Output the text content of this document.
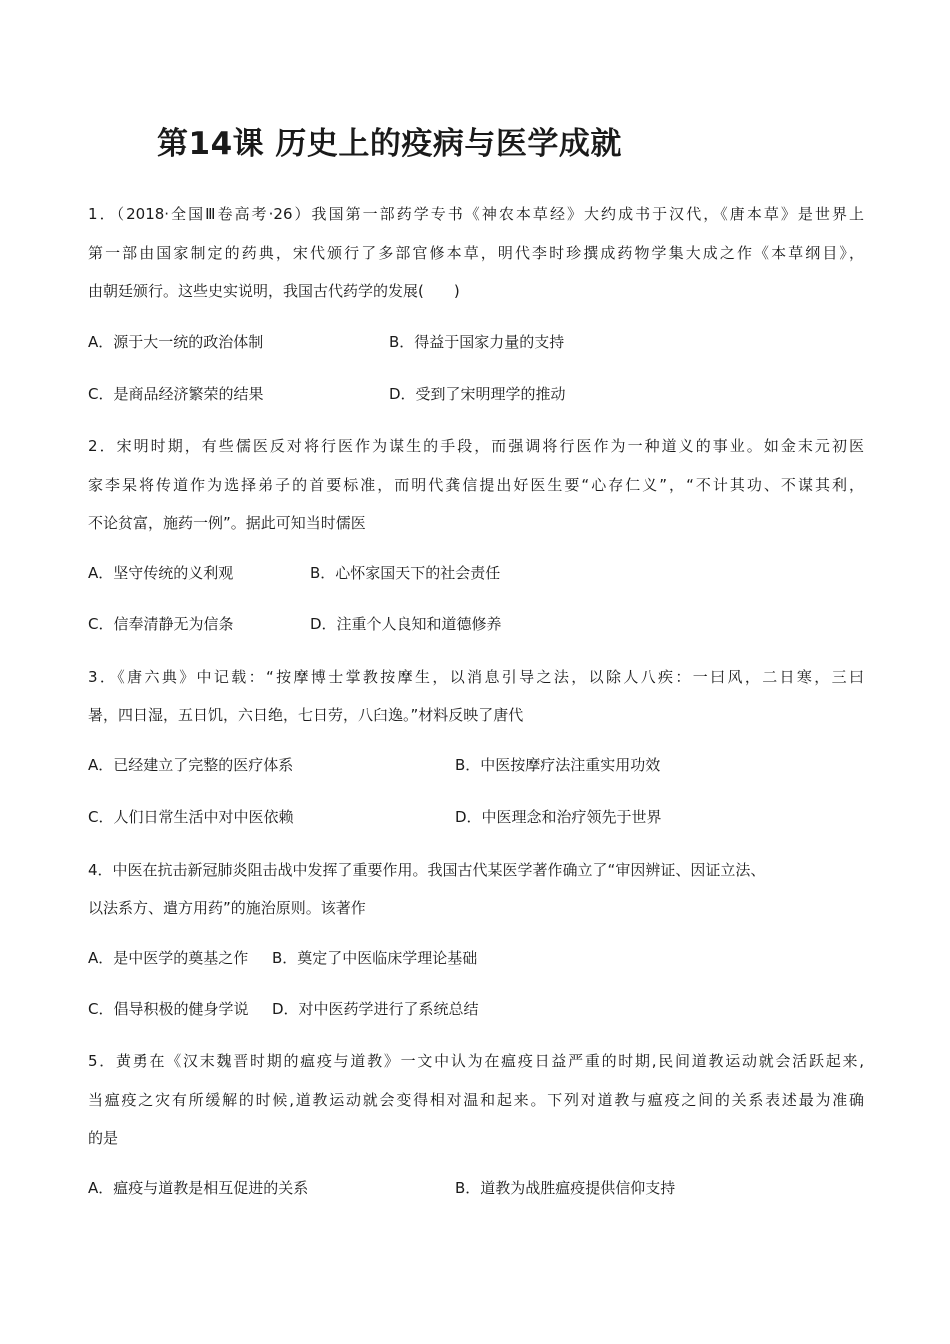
第14课 历史上的疫病与医学成就
1．（2018·全国Ⅲ卷高考·26）我国第一部药学专书《神农本草经》大约成书于汉代，《唐本草》是世界上
第一部由国家制定的药典，宋代颁行了多部官修本草，明代李时珍撰成药物学集大成之作《本草纲目》，
由朝廷颁行。这些史实说明，我国古代药学的发展(　　)
A．源于大一统的政治体制	B．得益于国家力量的支持
C．是商品经济繁荣的结果	D．受到了宋明理学的推动
2．宋明时期，有些儒医反对将行医作为谋生的手段，而强调将行医作为一种道义的事业。如金末元初医
家李杲将传道作为选择弟子的首要标准，而明代龚信提出好医生要“心存仁义”，“不计其功、不谋其利，
不论贫富，施药一例”。据此可知当时儒医
A．坚守传统的义利观	B．心怀家国天下的社会责任
C．信奉清静无为信条	D．注重个人良知和道德修养
3．《唐六典》中记载：“按摩博士掌教按摩生，以消息引导之法，以除人八疾：一曰风，二日寒，三曰
暑，四日湿，五日饥，六日绝，七日劳，八臼逸。”材料反映了唐代
A．已经建立了完整的医疗体系	B．中医按摩疗法注重实用功效
C．人们日常生活中对中医依赖	D．中医理念和治疗领先于世界
4．中医在抗击新冠肺炎阻击战中发挥了重要作用。我国古代某医学著作确立了“审因辨证、因证立法、
以法系方、遣方用药”的施治原则。该著作
A．是中医学的奠基之作 B．奠定了中医临床学理论基础
C．倡导积极的健身学说 D．对中医药学进行了系统总结
5．黄勇在《汉末魏晋时期的瘟疫与道教》一文中认为在瘟疫日益严重的时期,民间道教运动就会活跃起来,
当瘟疫之灾有所缓解的时候,道教运动就会变得相对温和起来。下列对道教与瘟疫之间的关系表述最为准确
的是
A．瘟疫与道教是相互促进的关系	B．道教为战胜瘟疫提供信仰支持
